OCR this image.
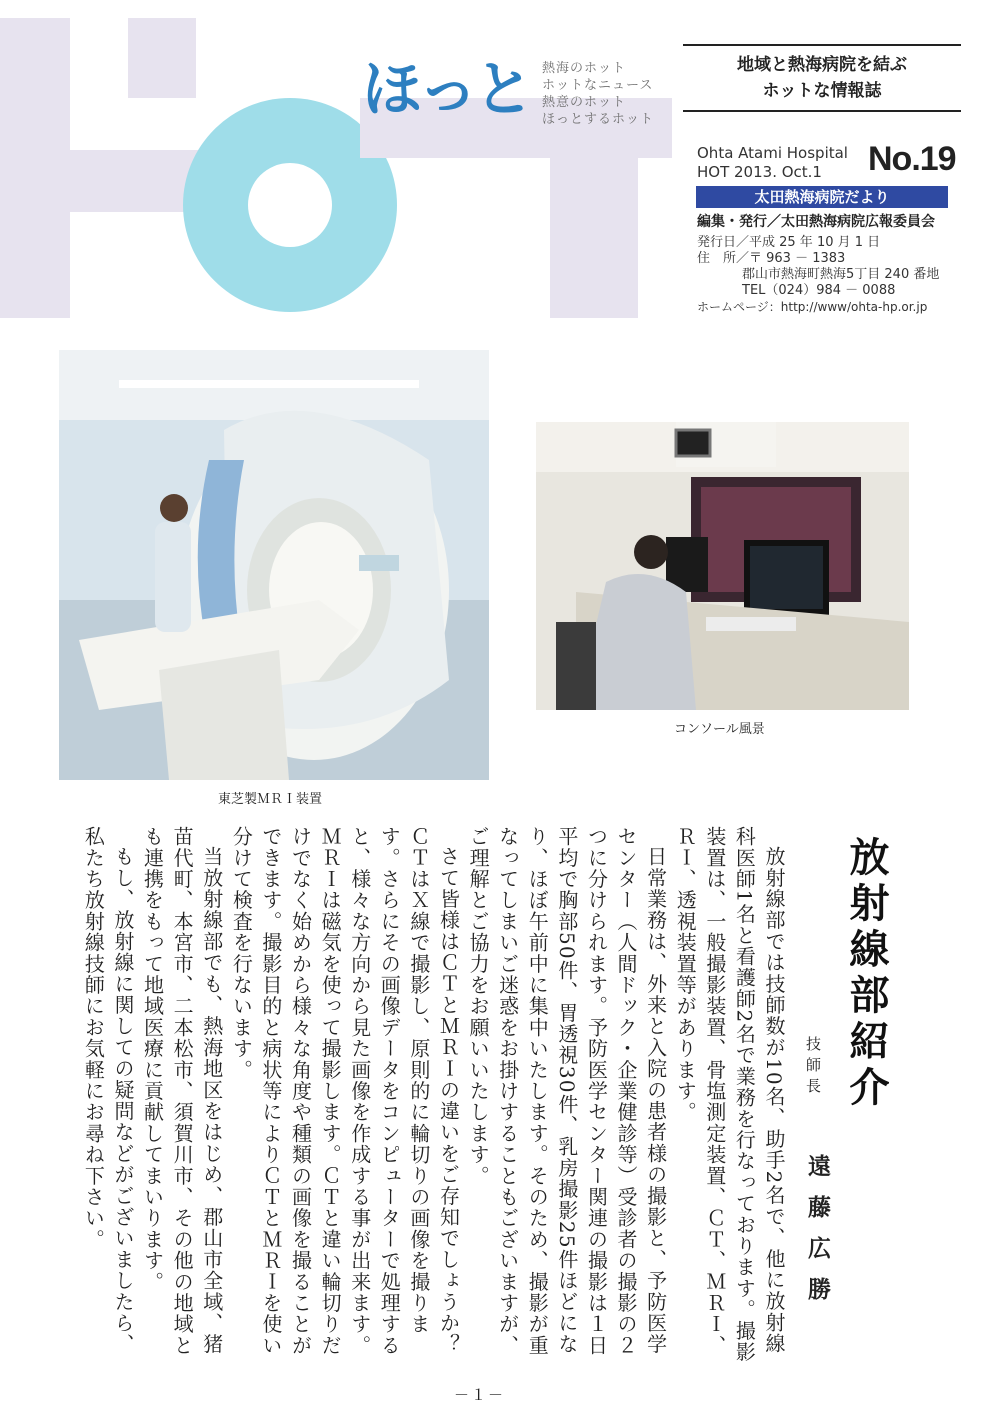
ほっと 熱海のホット
ホットなニュース
熱意のホット
ほっとするホット
地域と熱海病院を結ぶ
ホットな情報誌
Ohta Atami Hospital
HOT 2013. Oct.1 No.19
太田熱海病院だより
編集・発行／太田熱海病院広報委員会
発行日／平成 25 年 10 月 1 日
住　所／〒 963 － 1383
郡山市熱海町熱海5丁目 240 番地
TEL（024）984 － 0088
ホームページ：http://www/ohta-hp.or.jp
東芝製ＭＲＩ装置
コンソール風景
放射線部紹介
技師長
遠藤広勝

放射線部では技師数が10名、助手2名で、他に放射線科医師1名と看護師2名で業務を行なっております。撮影装置は、一般撮影装置、骨塩測定装置、ＣＴ、ＭＲＩ、ＲＩ、透視装置等があります。

日常業務は、外来と入院の患者様の撮影と、予防医学センター（人間ドック・企業健診等）受診者の撮影の２つに分けられます。予防医学センター関連の撮影は１日平均で胸部50件、胃透視30件、乳房撮影25件ほどになり、ほぼ午前中に集中いたします。そのため、撮影が重なってしまいご迷惑をお掛けすることもございますが、ご理解とご協力をお願いいたします。

さて皆様はＣＴとＭＲＩの違いをご存知でしょうか？ＣＴはＸ線で撮影し、原則的に輪切りの画像を撮ります。さらにその画像データをコンピューターで処理すると、様々な方向から見た画像を作成する事が出来ます。ＭＲＩは磁気を使って撮影します。ＣＴと違い輪切りだけでなく始めから様々な角度や種類の画像を撮ることができます。撮影目的と病状等によりＣＴとＭＲＩを使い分けて検査を行ないます。

当放射線部でも、熱海地区をはじめ、郡山市全域、猪苗代町、本宮市、二本松市、須賀川市、その他の地域とも連携をもって地域医療に貢献してまいります。

もし、放射線に関しての疑問などがございましたら、私たち放射線技師にお気軽にお尋ね下さい。

－１－
